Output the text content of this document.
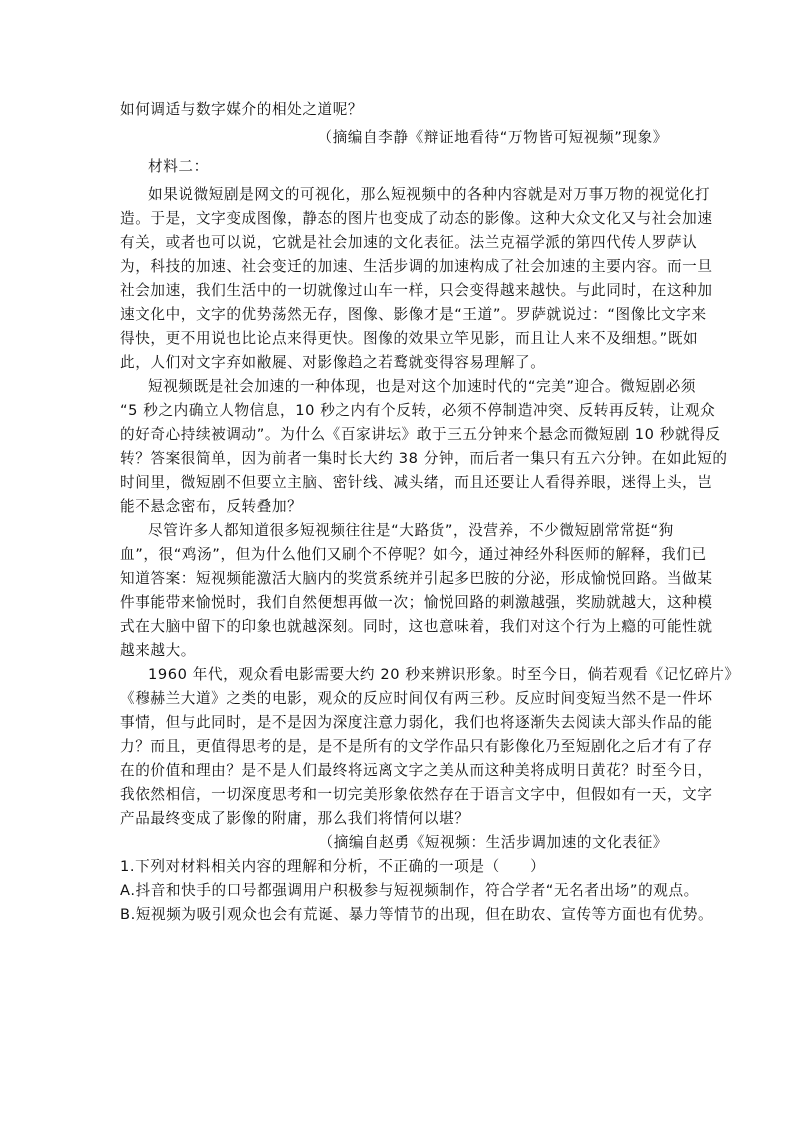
如何调适与数字媒介的相处之道呢？
（摘编自李静《辩证地看待“万物皆可短视频”现象》
材料二：
如果说微短剧是网文的可视化，那么短视频中的各种内容就是对万事万物的视觉化打
造。于是，文字变成图像，静态的图片也变成了动态的影像。这种大众文化又与社会加速
有关，或者也可以说，它就是社会加速的文化表征。法兰克福学派的第四代传人罗萨认
为，科技的加速、社会变迁的加速、生活步调的加速构成了社会加速的主要内容。而一旦
社会加速，我们生活中的一切就像过山车一样，只会变得越来越快。与此同时，在这种加
速文化中，文字的优势荡然无存，图像、影像才是“王道”。罗萨就说过：“图像比文字来
得快，更不用说也比论点来得更快。图像的效果立竿见影，而且让人来不及细想。”既如
此，人们对文字弃如敝屣、对影像趋之若鹜就变得容易理解了。
短视频既是社会加速的一种体现，也是对这个加速时代的“完美”迎合。微短剧必须
“5 秒之内确立人物信息，10 秒之内有个反转，必须不停制造冲突、反转再反转，让观众
的好奇心持续被调动”。为什么《百家讲坛》敢于三五分钟来个悬念而微短剧 10 秒就得反
转？答案很简单，因为前者一集时长大约 38 分钟，而后者一集只有五六分钟。在如此短的
时间里，微短剧不但要立主脑、密针线、减头绪，而且还要让人看得养眼，迷得上头，岂
能不悬念密布，反转叠加？
尽管许多人都知道很多短视频往往是“大路货”，没营养，不少微短剧常常挺“狗
血”，很“鸡汤”，但为什么他们又刷个不停呢？如今，通过神经外科医师的解释，我们已
知道答案：短视频能激活大脑内的奖赏系统并引起多巴胺的分泌，形成愉悦回路。当做某
件事能带来愉悦时，我们自然便想再做一次；愉悦回路的刺激越强，奖励就越大，这种模
式在大脑中留下的印象也就越深刻。同时，这也意味着，我们对这个行为上瘾的可能性就
越来越大。
1960 年代，观众看电影需要大约 20 秒来辨识形象。时至今日，倘若观看《记忆碎片》
《穆赫兰大道》之类的电影，观众的反应时间仅有两三秒。反应时间变短当然不是一件坏
事情，但与此同时，是不是因为深度注意力弱化，我们也将逐渐失去阅读大部头作品的能
力？而且，更值得思考的是，是不是所有的文学作品只有影像化乃至短剧化之后才有了存
在的价值和理由？是不是人们最终将远离文字之美从而这种美将成明日黄花？时至今日，
我依然相信，一切深度思考和一切完美形象依然存在于语言文字中，但假如有一天，文字
产品最终变成了影像的附庸，那么我们将情何以堪？
（摘编自赵勇《短视频：生活步调加速的文化表征》
1.下列对材料相关内容的理解和分析，不正确的一项是（　　）
A.抖音和快手的口号都强调用户积极参与短视频制作，符合学者“无名者出场”的观点。
B.短视频为吸引观众也会有荒诞、暴力等情节的出现，但在助农、宣传等方面也有优势。
